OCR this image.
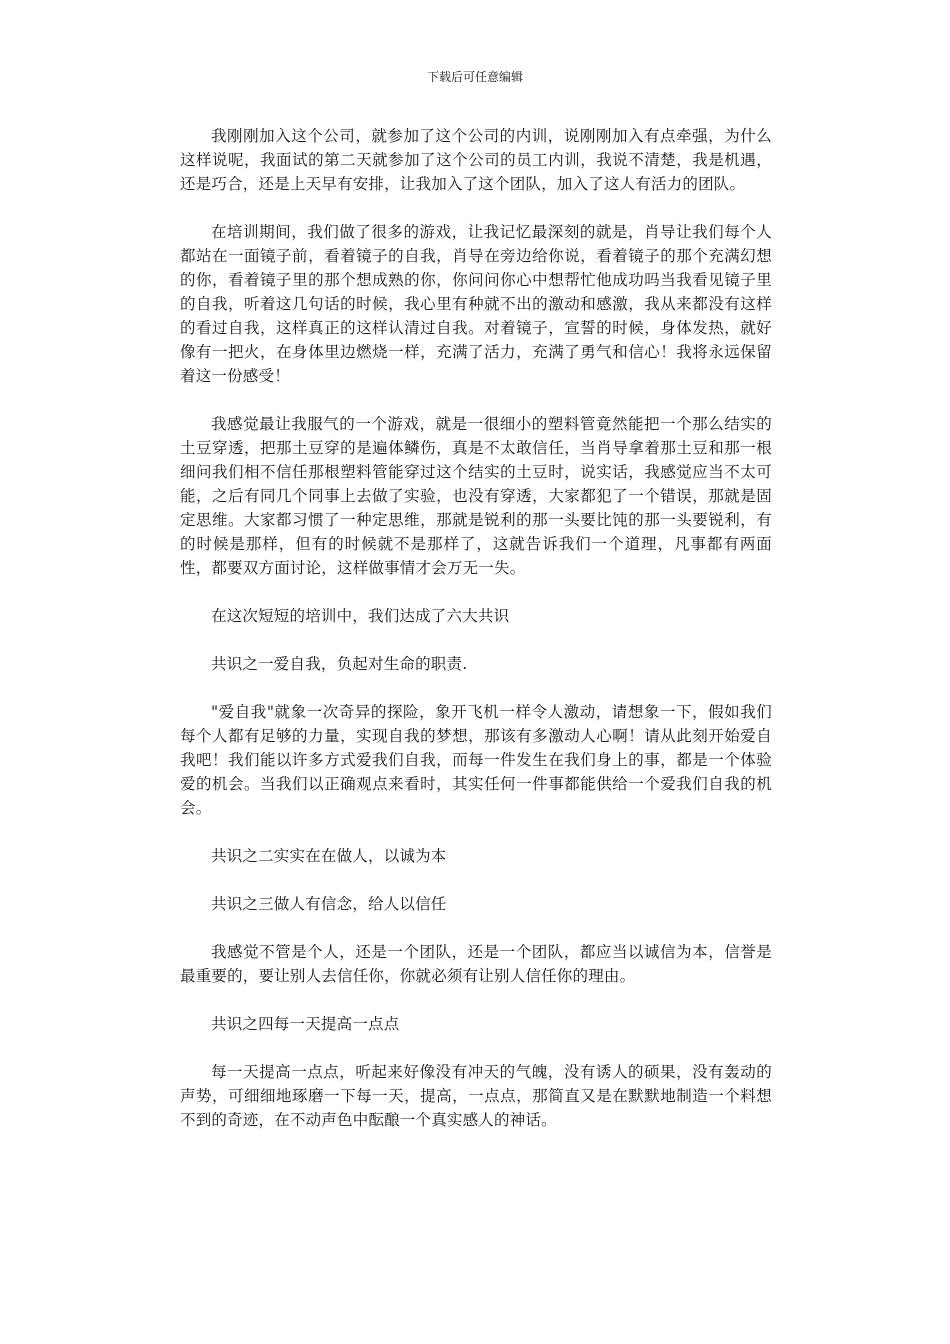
下载后可任意编辑

我刚刚加入这个公司，就参加了这个公司的内训，说刚刚加入有点牵强，为什么这样说呢，我面试的第二天就参加了这个公司的员工内训，我说不清楚，我是机遇，还是巧合，还是上天早有安排，让我加入了这个团队，加入了这人有活力的团队。

在培训期间，我们做了很多的游戏，让我记忆最深刻的就是，肖导让我们每个人都站在一面镜子前，看着镜子的自我，肖导在旁边给你说，看着镜子的那个充满幻想的你，看着镜子里的那个想成熟的你，你问问你心中想帮忙他成功吗当我看见镜子里的自我，听着这几句话的时候，我心里有种就不出的激动和感激，我从来都没有这样的看过自我，这样真正的这样认清过自我。对着镜子，宣誓的时候，身体发热，就好像有一把火，在身体里边燃烧一样，充满了活力，充满了勇气和信心！我将永远保留着这一份感受！

我感觉最让我服气的一个游戏，就是一很细小的塑料管竟然能把一个那么结实的土豆穿透，把那土豆穿的是遍体鳞伤，真是不太敢信任，当肖导拿着那土豆和那一根细问我们相不信任那根塑料管能穿过这个结实的土豆时，说实话，我感觉应当不太可能，之后有同几个同事上去做了实验，也没有穿透，大家都犯了一个错误，那就是固定思维。大家都习惯了一种定思维，那就是锐利的那一头要比饨的那一头要锐利，有的时候是那样，但有的时候就不是那样了，这就告诉我们一个道理，凡事都有两面性，都要双方面讨论，这样做事情才会万无一失。

在这次短短的培训中，我们达成了六大共识

共识之一爱自我，负起对生命的职责.

"爱自我"就象一次奇异的探险，象开飞机一样令人激动，请想象一下，假如我们每个人都有足够的力量，实现自我的梦想，那该有多激动人心啊！请从此刻开始爱自我吧！我们能以许多方式爱我们自我，而每一件发生在我们身上的事，都是一个体验爱的机会。当我们以正确观点来看时，其实任何一件事都能供给一个爱我们自我的机会。

共识之二实实在在做人，以诚为本

共识之三做人有信念，给人以信任

我感觉不管是个人，还是一个团队，还是一个团队，都应当以诚信为本，信誉是最重要的，要让别人去信任你，你就必须有让别人信任你的理由。

共识之四每一天提高一点点

每一天提高一点点，听起来好像没有冲天的气魄，没有诱人的硕果，没有轰动的声势，可细细地琢磨一下每一天，提高，一点点，那简直又是在默默地制造一个料想不到的奇迹，在不动声色中酝酿一个真实感人的神话。
